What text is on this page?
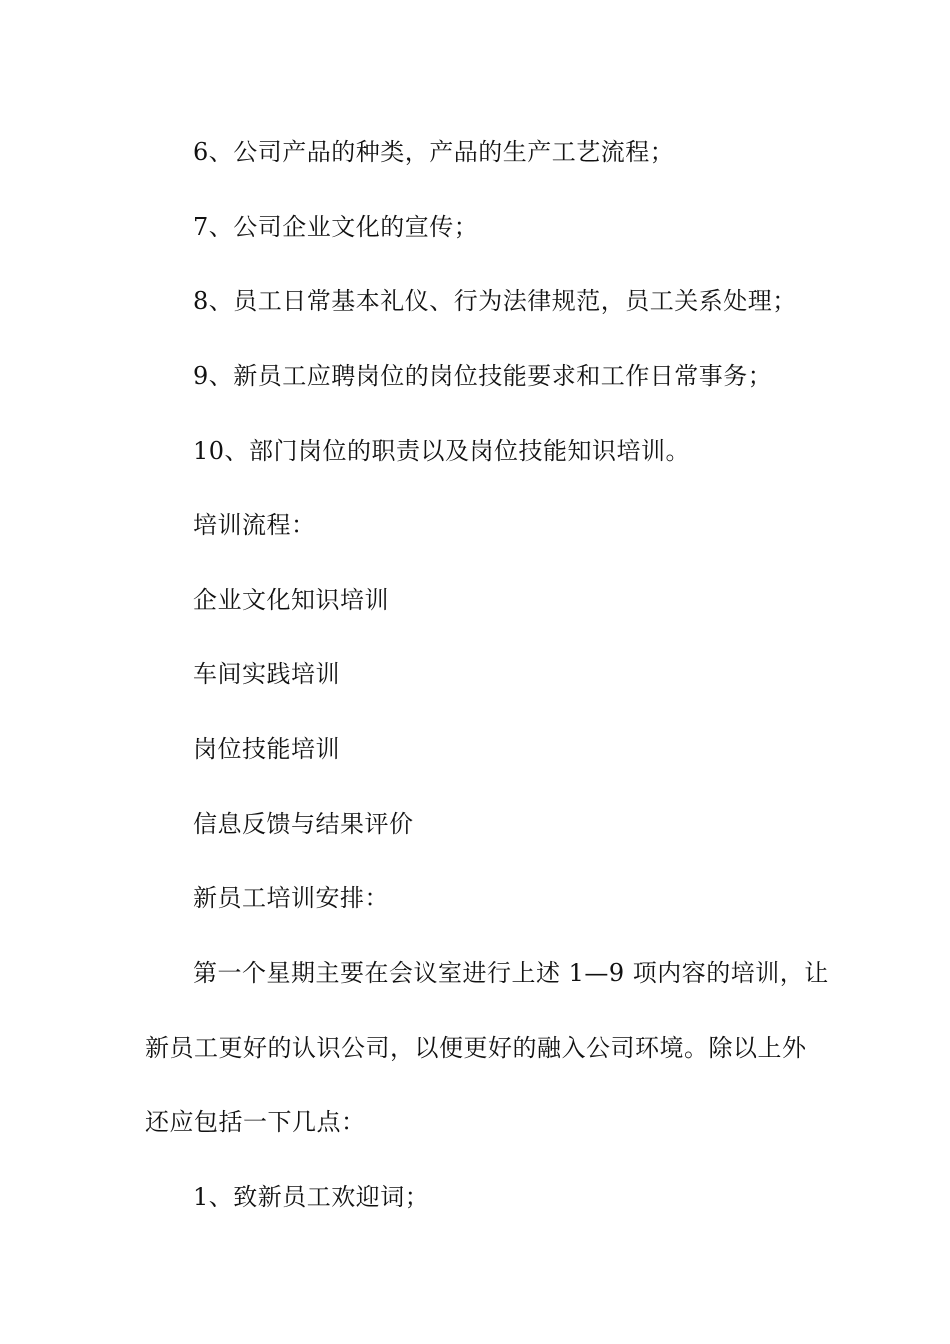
6、公司产品的种类，产品的生产工艺流程；
7、公司企业文化的宣传；
8、员工日常基本礼仪、行为法律规范，员工关系处理；
9、新员工应聘岗位的岗位技能要求和工作日常事务；
10、部门岗位的职责以及岗位技能知识培训。
培训流程：
企业文化知识培训
车间实践培训
岗位技能培训
信息反馈与结果评价
新员工培训安排：
第一个星期主要在会议室进行上述 1—9 项内容的培训，让
新员工更好的认识公司，以便更好的融入公司环境。除以上外
还应包括一下几点：
1、致新员工欢迎词；
